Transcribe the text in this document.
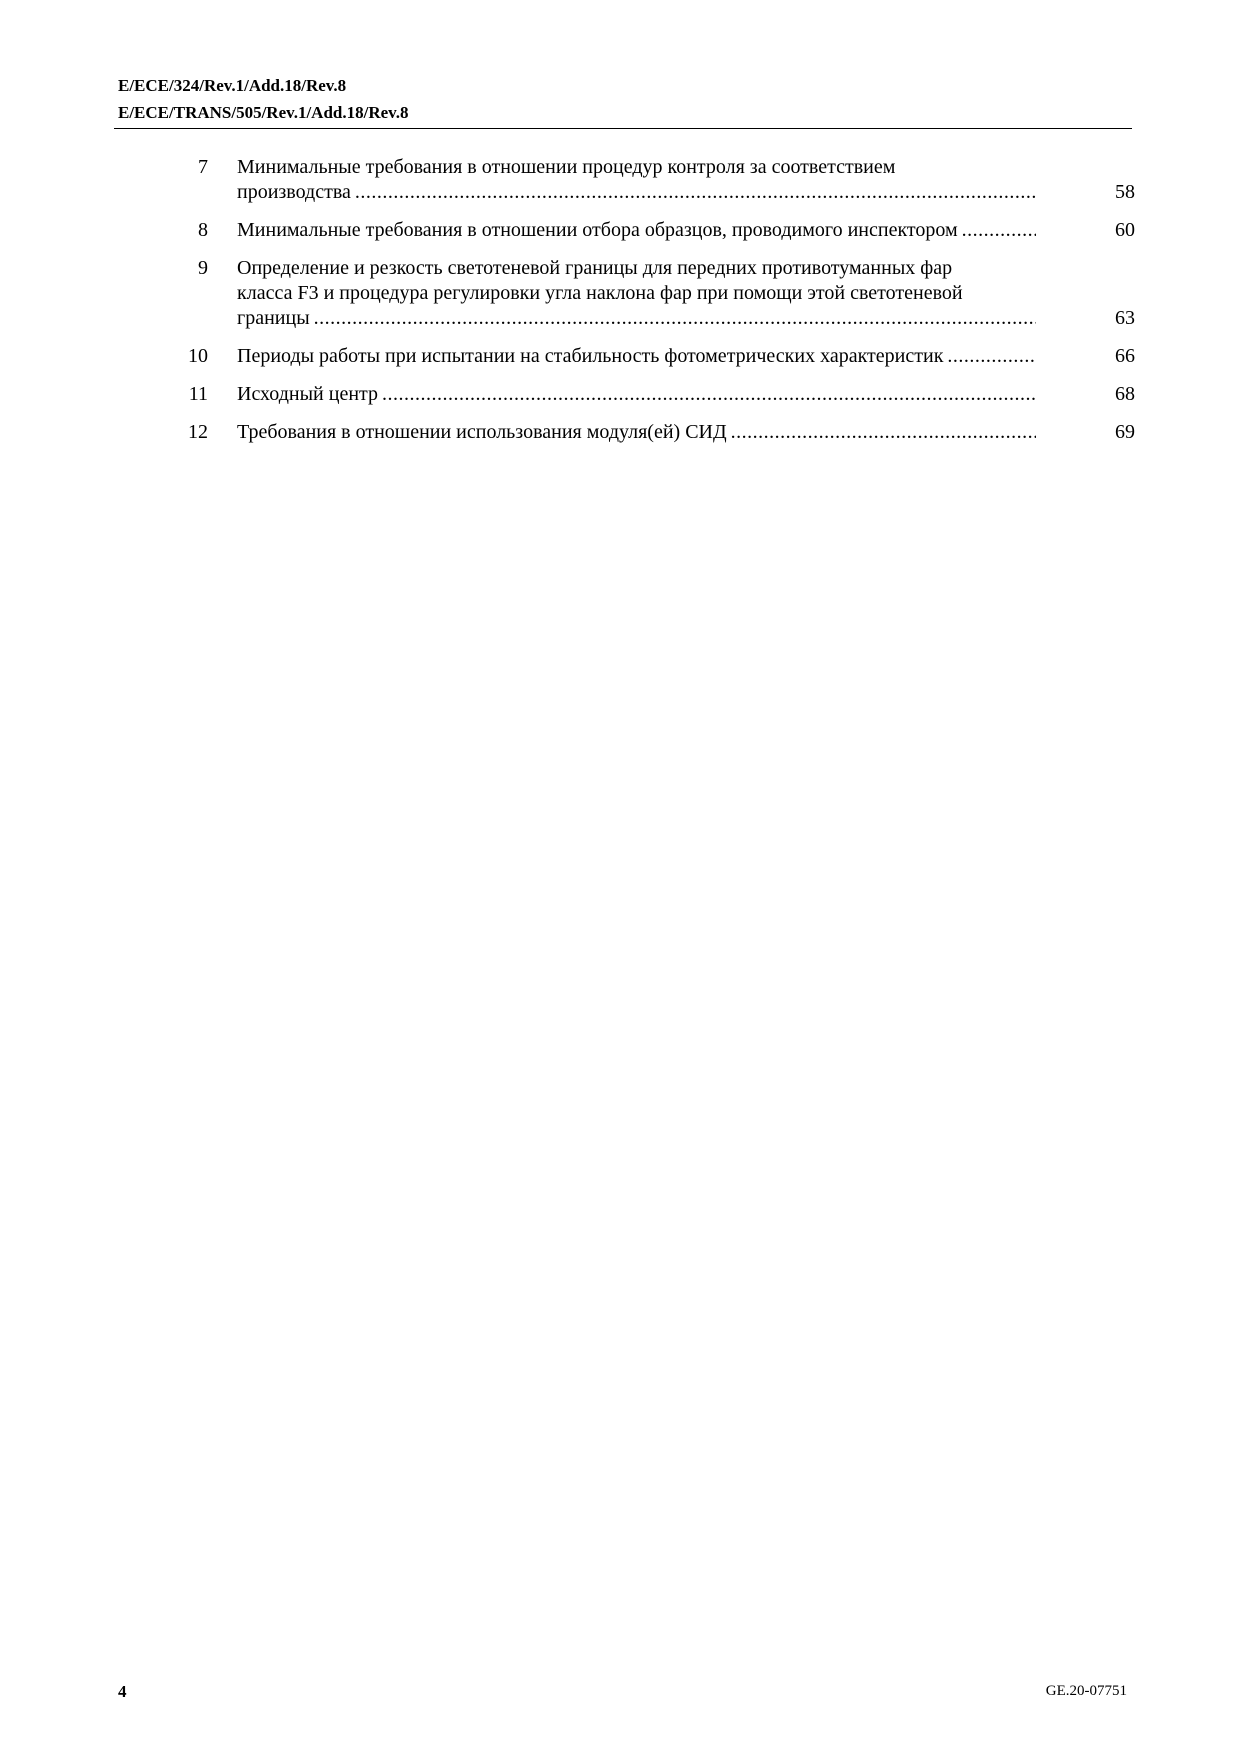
E/ECE/324/Rev.1/Add.18/Rev.8
E/ECE/TRANS/505/Rev.1/Add.18/Rev.8
7 Минимальные требования в отношении процедур контроля за соответствием
производства .....	58
8 Минимальные требования в отношении отбора образцов, проводимого инспектором .....	60
9 Определение и резкость светотеневой границы для передних противотуманных фар
класса F3 и процедура регулировки угла наклона фар при помощи этой светотеневой
границы .....	63
10 Периоды работы при испытании на стабильность фотометрических характеристик .....	66
11 Исходный центр .....	68
12 Требования в отношении использования модуля(ей) СИД .....	69
4	GE.20-07751
